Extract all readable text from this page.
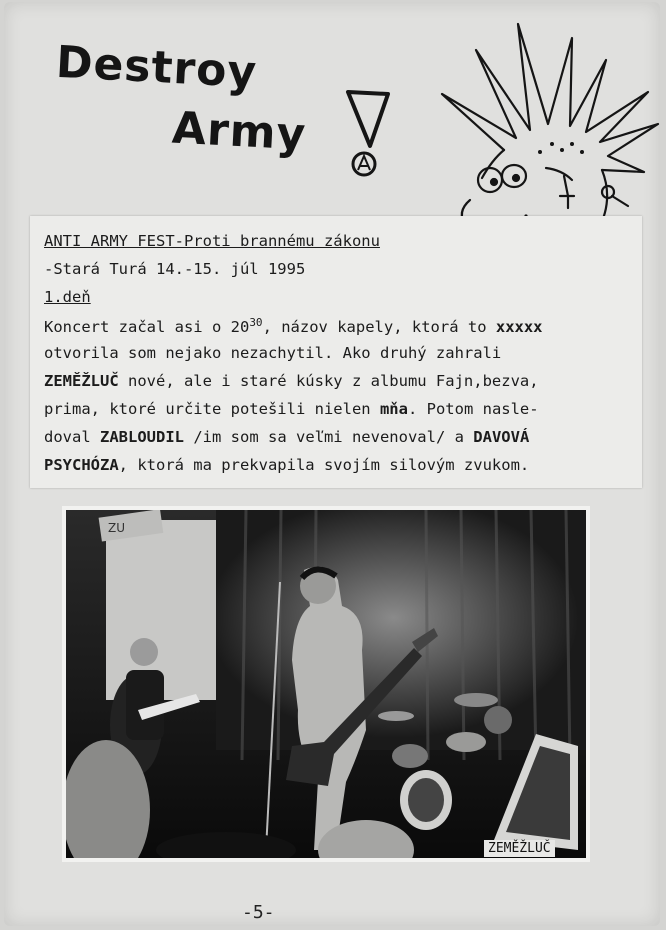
Destroy
Army
ANTI ARMY FEST-Proti brannému zákonu
-Stará Turá 14.-15. júl 1995
1.deň
Koncert začal asi o $20^{30}$, názov kapely, ktorá to xxxxx
otvorila som nejako nezachytil. Ako druhý zahrali
ZEMĚŽLUČ nové, ale i staré kúsky z albumu Fajn,bezva,
prima, ktoré určite potešili nielen mňa. Potom nasle-
doval ZABLOUDIL /im som sa veľmi nevenoval/ a DAVOVÁ
PSYCHÓZA, ktorá ma prekvapila svojím silovým zvukom.
ZU
ZEMĚŽLUČ
-5-
